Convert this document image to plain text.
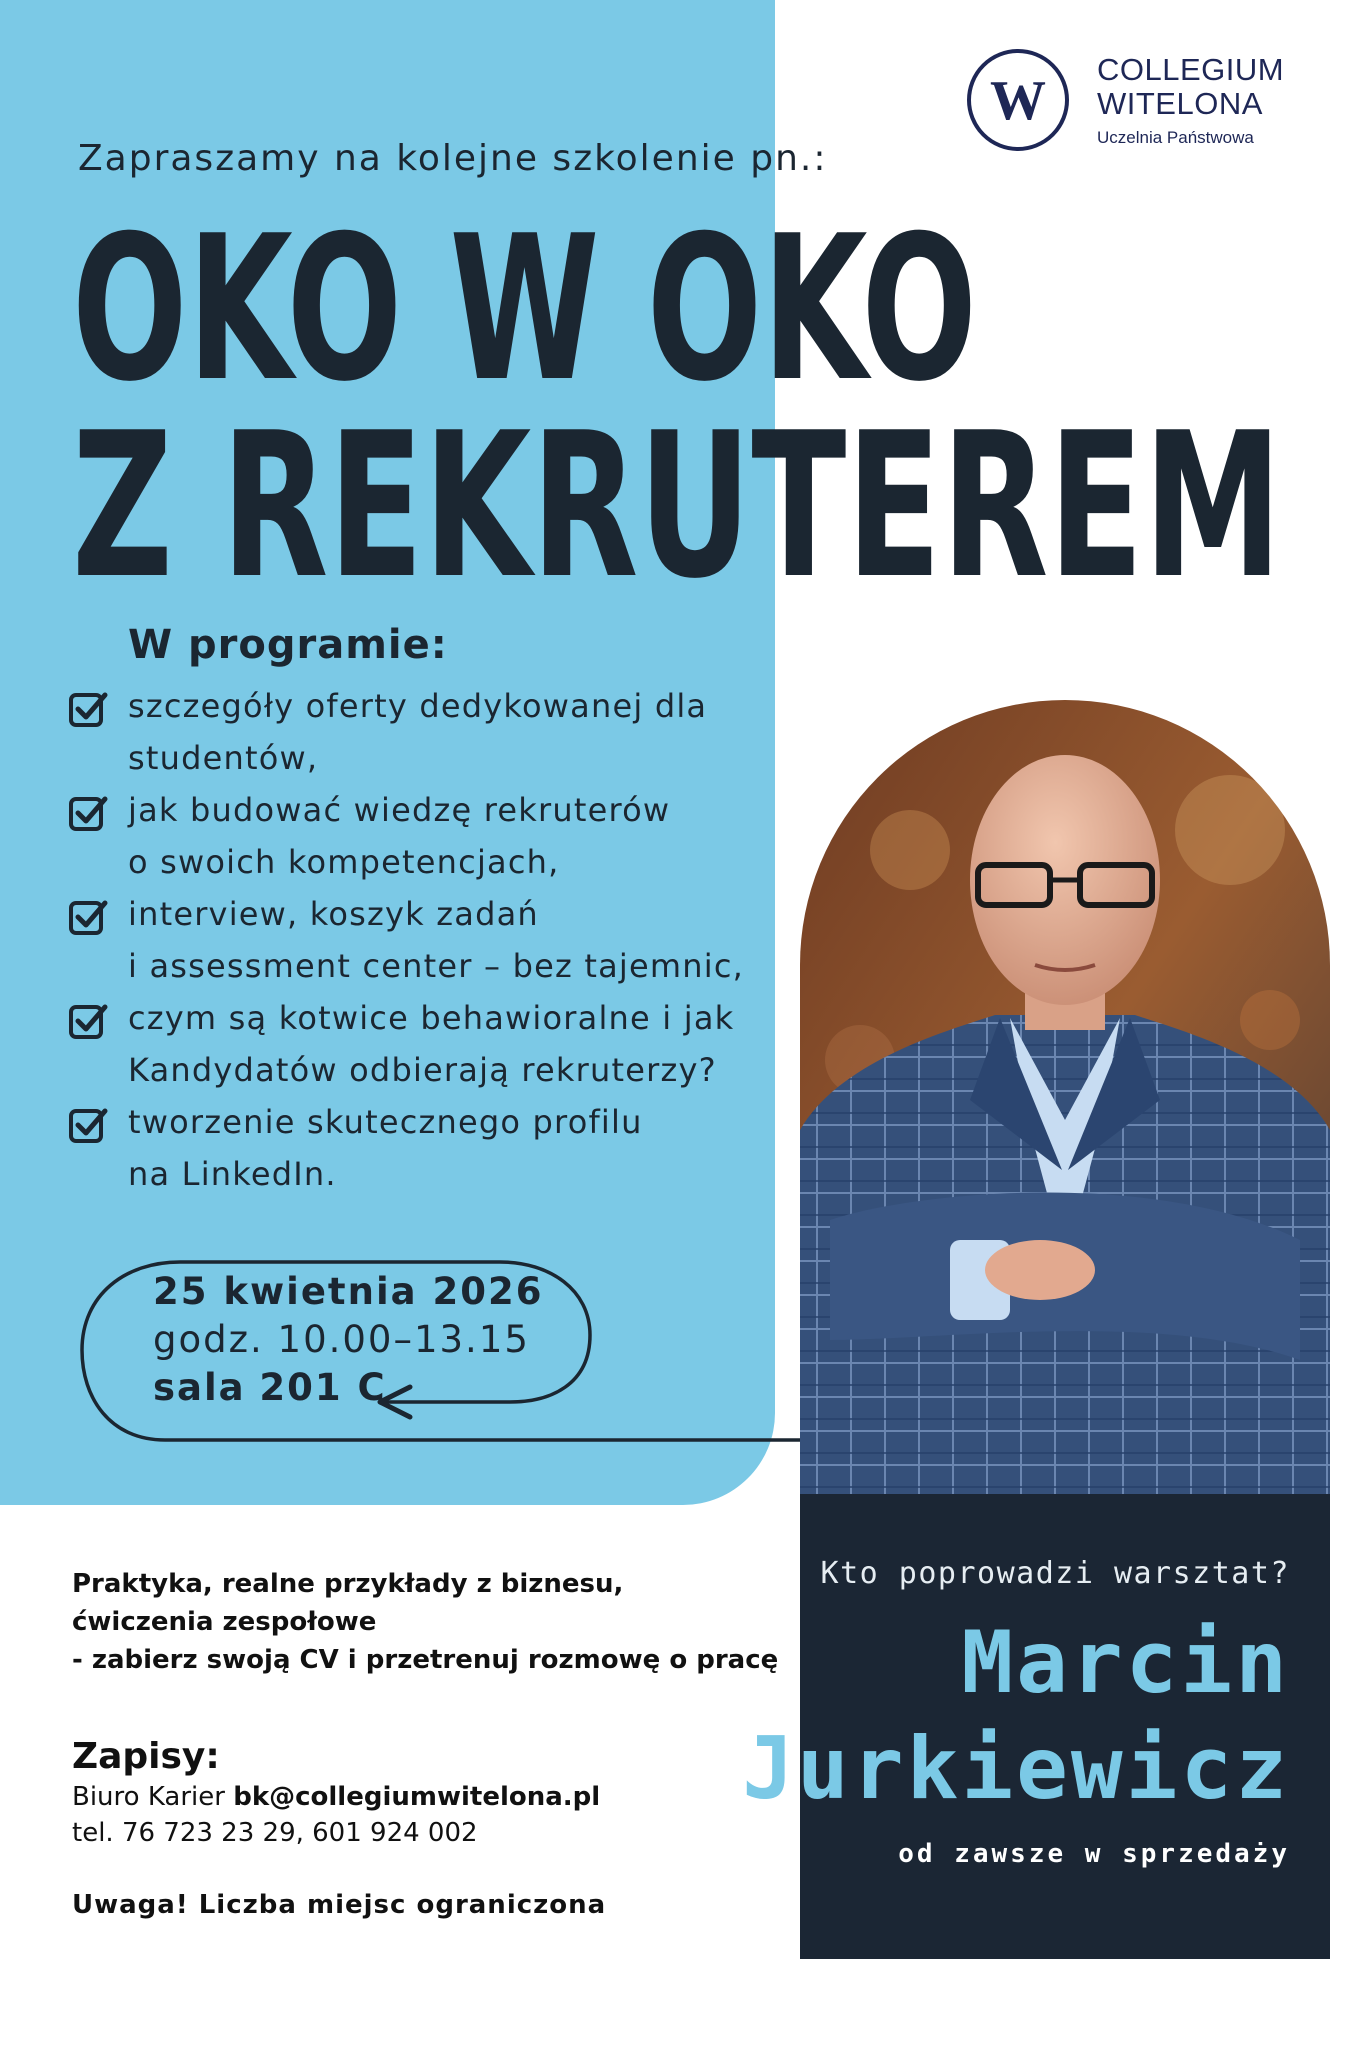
W
COLLEGIUM
WITELONA
Uczelnia Państwowa
Zapraszamy na kolejne szkolenie pn.:
OKO W OKO
Z REKRUTEREM
W programie:
szczegóły oferty dedykowanej dla
studentów,
jak budować wiedzę rekruterów
o swoich kompetencjach,
interview, koszyk zadań
i assessment center – bez tajemnic,
czym są kotwice behawioralne i jak
Kandydatów odbierają rekruterzy?
tworzenie skutecznego profilu
na LinkedIn.
25 kwietnia 2026
godz. 10.00–13.15
sala 201 C
Kto poprowadzi warsztat?
Marcin
Jurkiewicz
od zawsze w sprzedaży
Praktyka, realne przykłady z biznesu,
ćwiczenia zespołowe
- zabierz swoją CV i przetrenuj rozmowę o pracę
Zapisy:
Biuro Karier bk@collegiumwitelona.pl
tel. 76 723 23 29, 601 924 002
Uwaga! Liczba miejsc ograniczona
